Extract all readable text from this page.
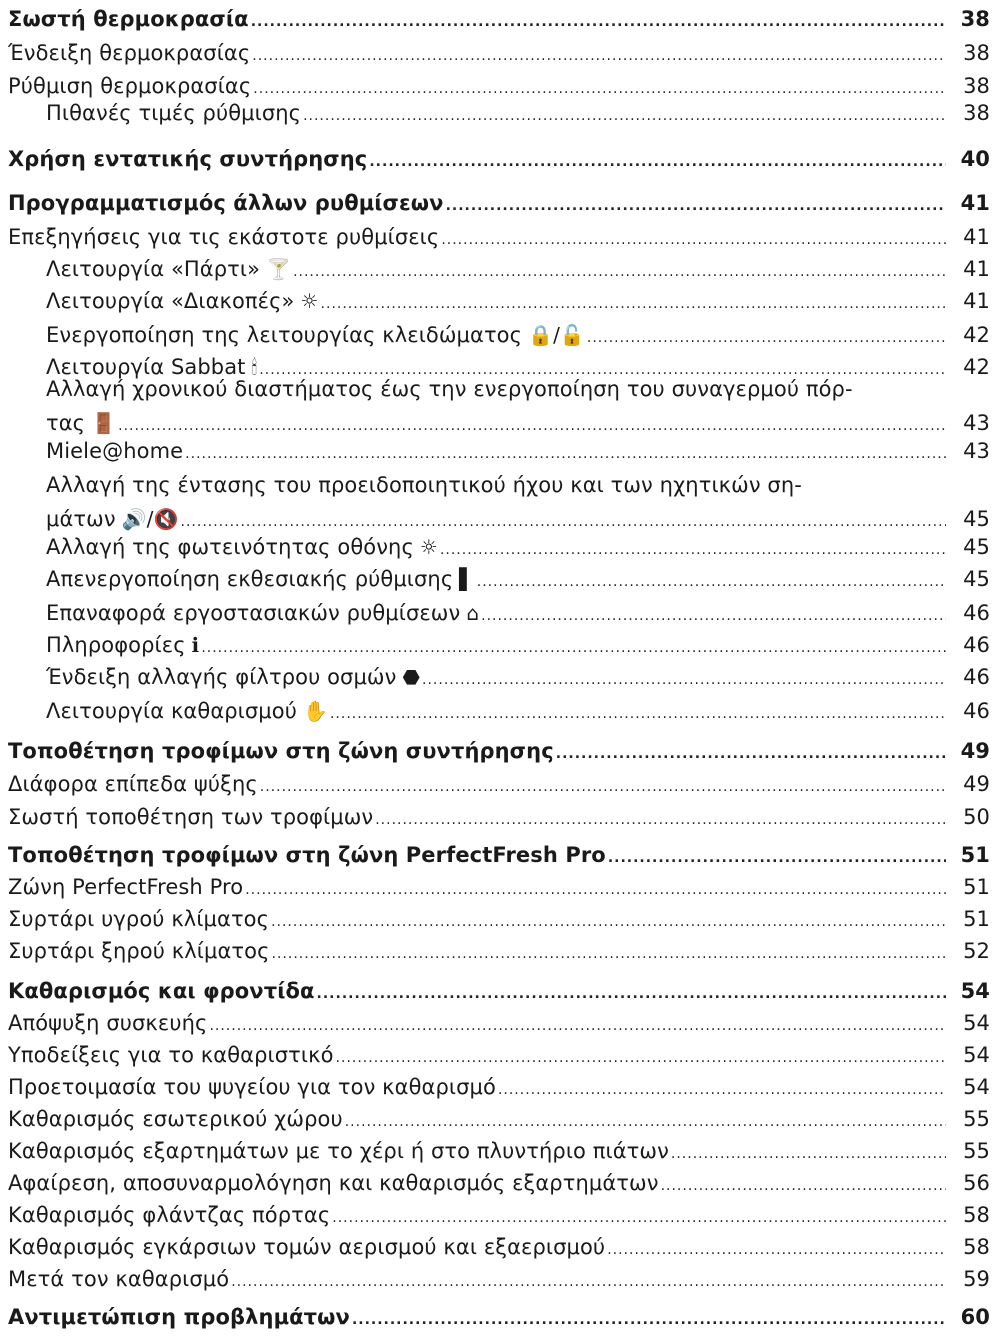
Σωστή θερμοκρασία .....	38
Ένδειξη θερμοκρασίας .....	38
Ρύθμιση θερμοκρασίας .....	38
Πιθανές τιμές ρύθμισης .....	38
Χρήση εντατικής συντήρησης .....	40
Προγραμματισμός άλλων ρυθμίσεων .....	41
Επεξηγήσεις για τις εκάστοτε ρυθμίσεις .....	41
Λειτουργία «Πάρτι» 🍸 .....	41
Λειτουργία «Διακοπές» ☼ .....	41
Ενεργοποίηση της λειτουργίας κλειδώματος 🔒/🔓 .....	42
Λειτουργία Sabbat 🕯 .....	42
Αλλαγή χρονικού διαστήματος έως την ενεργοποίηση του συναγερμού πόρ-
τας 🚪 .....	43
Miele@home .....	43
Αλλαγή της έντασης του προειδοποιητικού ήχου και των ηχητικών ση-
μάτων 🔊/🔇 .....	45
Αλλαγή της φωτεινότητας οθόνης ☼ .....	45
Απενεργοποίηση εκθεσιακής ρύθμισης ▌ .....	45
Επαναφορά εργοστασιακών ρυθμίσεων ⌂ .....	46
Πληροφορίες ℹ .....	46
Ένδειξη αλλαγής φίλτρου οσμών ⬣ .....	46
Λειτουργία καθαρισμού ✋ .....	46
Τοποθέτηση τροφίμων στη ζώνη συντήρησης .....	49
Διάφορα επίπεδα ψύξης .....	49
Σωστή τοποθέτηση των τροφίμων .....	50
Τοποθέτηση τροφίμων στη ζώνη PerfectFresh Pro .....	51
Ζώνη PerfectFresh Pro .....	51
Συρτάρι υγρού κλίματος .....	51
Συρτάρι ξηρού κλίματος .....	52
Καθαρισμός και φροντίδα .....	54
Απόψυξη συσκευής .....	54
Υποδείξεις για το καθαριστικό .....	54
Προετοιμασία του ψυγείου για τον καθαρισμό .....	54
Καθαρισμός εσωτερικού χώρου .....	55
Καθαρισμός εξαρτημάτων με το χέρι ή στο πλυντήριο πιάτων .....	55
Αφαίρεση, αποσυναρμολόγηση και καθαρισμός εξαρτημάτων .....	56
Καθαρισμός φλάντζας πόρτας .....	58
Καθαρισμός εγκάρσιων τομών αερισμού και εξαερισμού .....	58
Μετά τον καθαρισμό .....	59
Αντιμετώπιση προβλημάτων .....	60
